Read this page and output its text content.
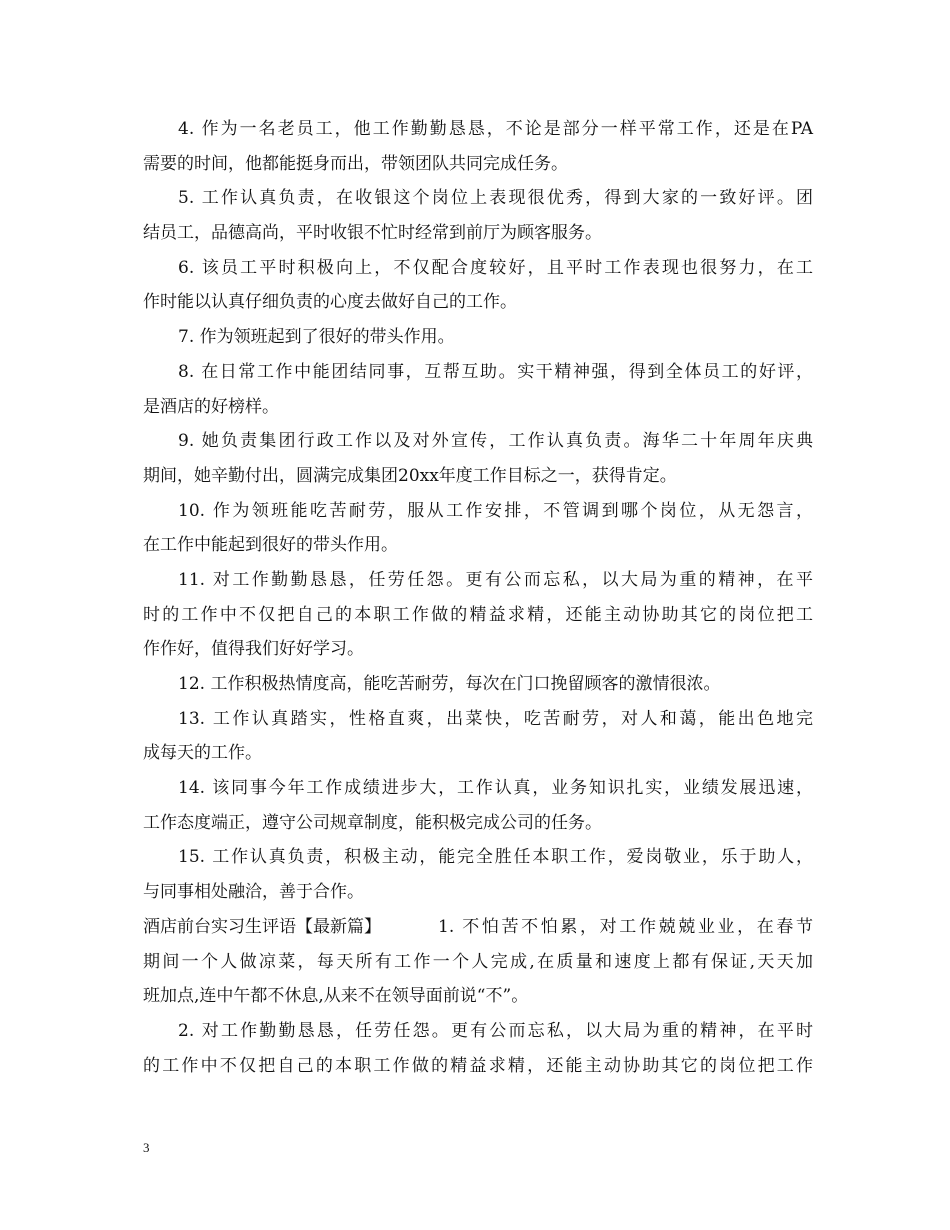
4. 作为一名老员工，他工作勤勤恳恳，不论是部分一样平常工作，还是在PA
需要的时间，他都能挺身而出，带领团队共同完成任务。
5. 工作认真负责，在收银这个岗位上表现很优秀，得到大家的一致好评。团
结员工，品德高尚，平时收银不忙时经常到前厅为顾客服务。
6. 该员工平时积极向上，不仅配合度较好，且平时工作表现也很努力，在工
作时能以认真仔细负责的心度去做好自己的工作。
7. 作为领班起到了很好的带头作用。
8. 在日常工作中能团结同事，互帮互助。实干精神强，得到全体员工的好评，
是酒店的好榜样。
9. 她负责集团行政工作以及对外宣传，工作认真负责。海华二十年周年庆典
期间，她辛勤付出，圆满完成集团20xx年度工作目标之一，获得肯定。
10. 作为领班能吃苦耐劳，服从工作安排，不管调到哪个岗位，从无怨言，
在工作中能起到很好的带头作用。
11. 对工作勤勤恳恳，任劳任怨。更有公而忘私，以大局为重的精神，在平
时的工作中不仅把自己的本职工作做的精益求精，还能主动协助其它的岗位把工
作作好，值得我们好好学习。
12. 工作积极热情度高，能吃苦耐劳，每次在门口挽留顾客的激情很浓。
13. 工作认真踏实，性格直爽，出菜快，吃苦耐劳，对人和蔼，能出色地完
成每天的工作。
14. 该同事今年工作成绩进步大，工作认真，业务知识扎实，业绩发展迅速，
工作态度端正，遵守公司规章制度，能积极完成公司的任务。
15. 工作认真负责，积极主动，能完全胜任本职工作，爱岗敬业，乐于助人，
与同事相处融洽，善于合作。
酒店前台实习生评语【最新篇】	1. 不怕苦不怕累，对工作兢兢业业，在春节
期间一个人做凉菜，每天所有工作一个人完成,在质量和速度上都有保证,天天加
班加点,连中午都不休息,从来不在领导面前说“不”。
2. 对工作勤勤恳恳，任劳任怨。更有公而忘私，以大局为重的精神，在平时
的工作中不仅把自己的本职工作做的精益求精，还能主动协助其它的岗位把工作
3
